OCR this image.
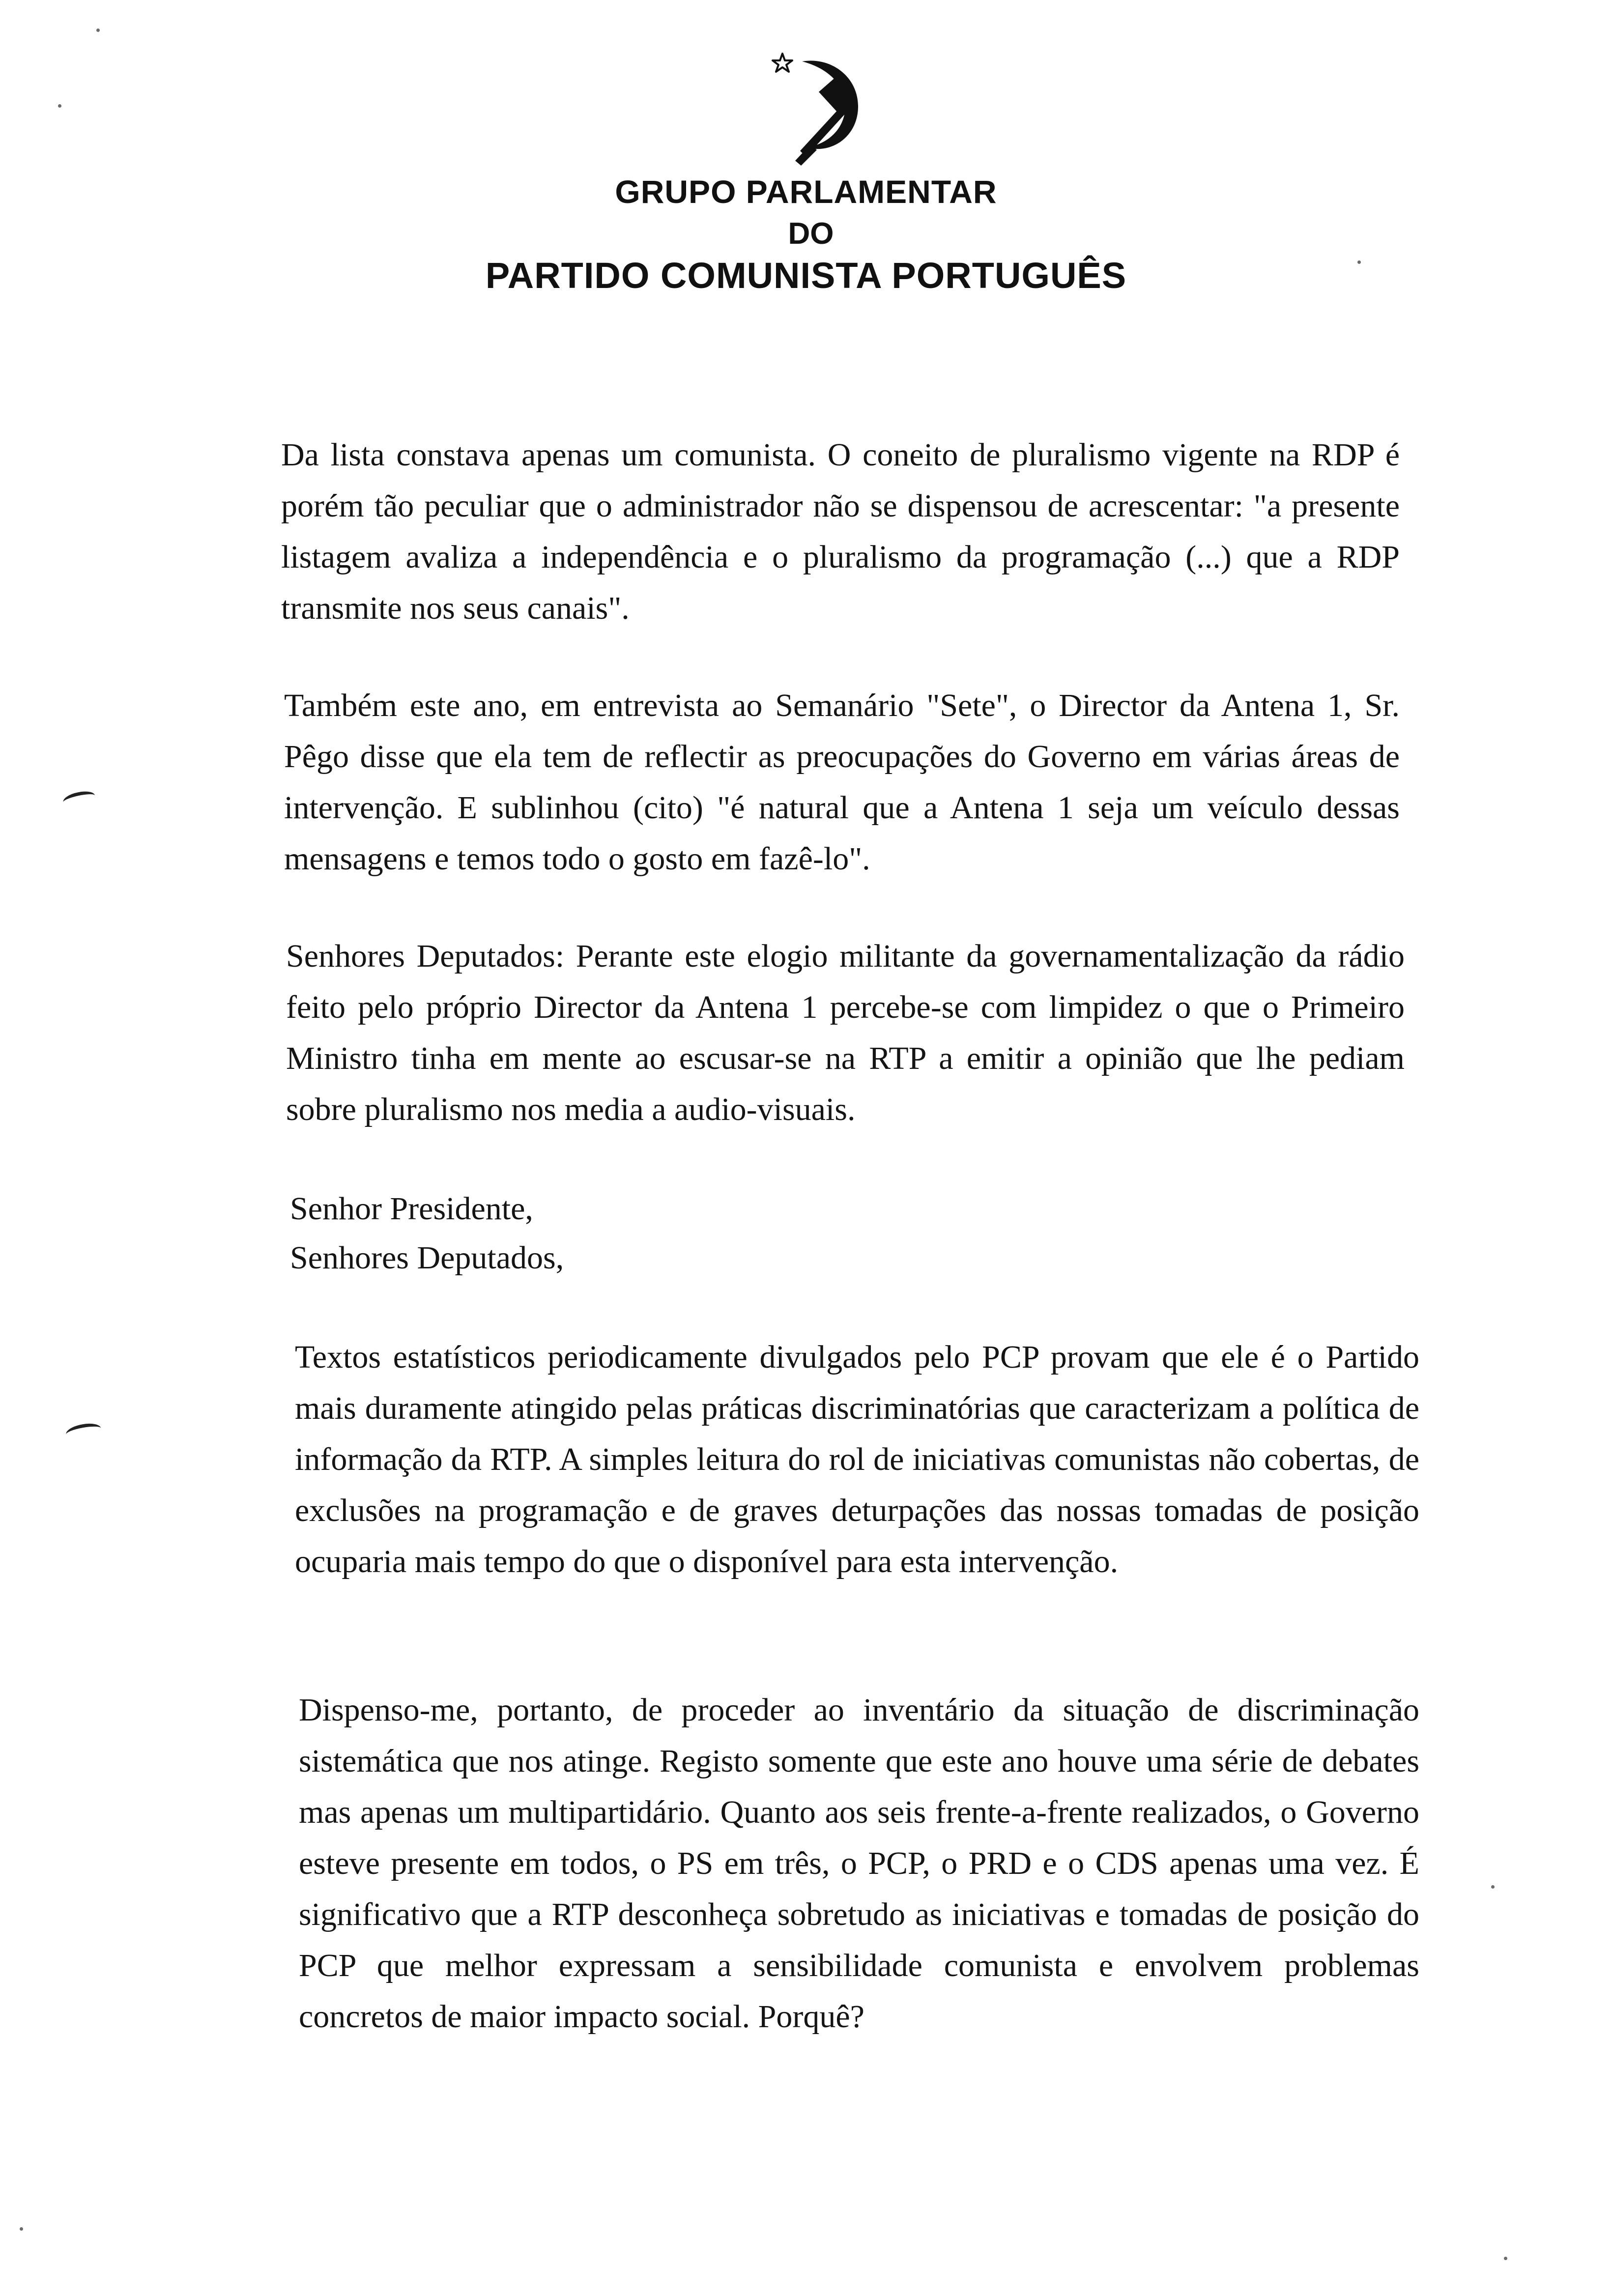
GRUPO PARLAMENTAR
DO
PARTIDO COMUNISTA PORTUGUÊS

Da lista constava apenas um comunista. O coneito de pluralismo vigente na RDP é porém tão peculiar que o administrador não se dispensou de acrescentar: "a presente listagem avaliza a independência e o pluralismo da programação (...) que a RDP transmite nos seus canais".

Também este ano, em entrevista ao Semanário "Sete", o Director da Antena 1, Sr. Pêgo disse que ela tem de reflectir as preocupações do Governo em várias áreas de intervenção. E sublinhou (cito) "é natural que a Antena 1 seja um veículo dessas mensagens e temos todo o gosto em fazê-lo".

Senhores Deputados: Perante este elogio militante da governamentalização da rádio feito pelo próprio Director da Antena 1 percebe-se com limpidez o que o Primeiro Ministro tinha em mente ao escusar-se na RTP a emitir a opinião que lhe pediam sobre pluralismo nos media a audio-visuais.

Senhor Presidente,

Senhores Deputados,

Textos estatísticos periodicamente divulgados pelo PCP provam que ele é o Partido mais duramente atingido pelas práticas discriminatórias que caracterizam a política de informação da RTP. A simples leitura do rol de iniciativas comunistas não cobertas, de exclusões na programação e de graves deturpações das nossas tomadas de posição ocuparia mais tempo do que o disponível para esta intervenção.

Dispenso-me, portanto, de proceder ao inventário da situação de discriminação sistemática que nos atinge. Registo somente que este ano houve uma série de debates mas apenas um multipartidário. Quanto aos seis frente-a-frente realizados, o Governo esteve presente em todos, o PS em três, o PCP, o PRD e o CDS apenas uma vez. É significativo que a RTP desconheça sobretudo as iniciativas e tomadas de posição do PCP que melhor expressam a sensibilidade comunista e envolvem problemas concretos de maior impacto social. Porquê?
